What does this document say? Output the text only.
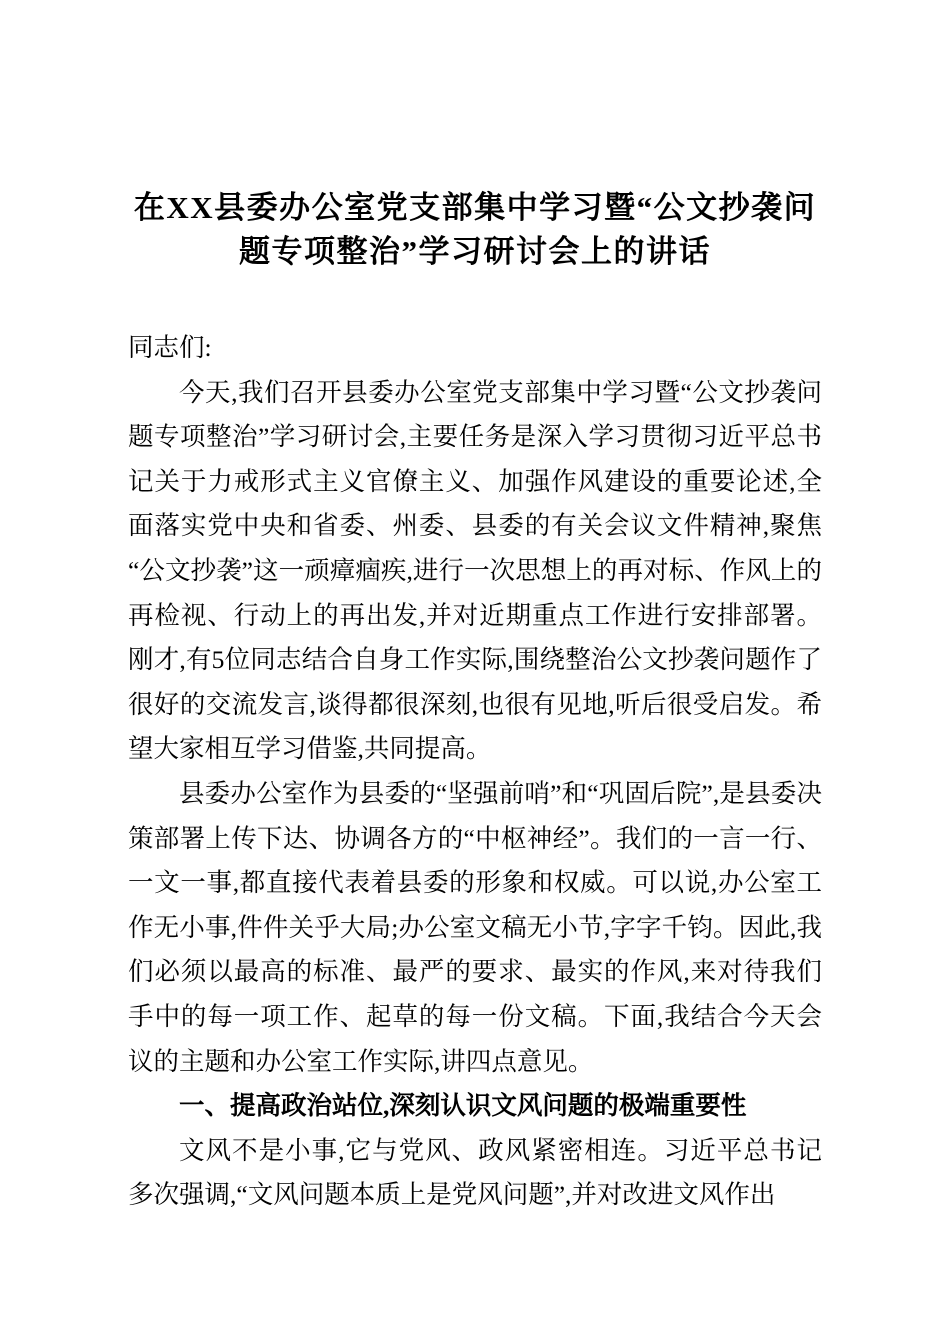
在XX县委办公室党支部集中学习暨“公文抄袭问
题专项整治”学习研讨会上的讲话

同志们:

今天,我们召开县委办公室党支部集中学习暨“公文抄袭问题专项整治”学习研讨会,主要任务是深入学习贯彻习近平总书记关于力戒形式主义官僚主义、加强作风建设的重要论述,全面落实党中央和省委、州委、县委的有关会议文件精神,聚焦“公文抄袭”这一顽瘴痼疾,进行一次思想上的再对标、作风上的再检视、行动上的再出发,并对近期重点工作进行安排部署。刚才,有5位同志结合自身工作实际,围绕整治公文抄袭问题作了很好的交流发言,谈得都很深刻,也很有见地,听后很受启发。希望大家相互学习借鉴,共同提高。

县委办公室作为县委的“坚强前哨”和“巩固后院”,是县委决策部署上传下达、协调各方的“中枢神经”。我们的一言一行、一文一事,都直接代表着县委的形象和权威。可以说,办公室工作无小事,件件关乎大局;办公室文稿无小节,字字千钧。因此,我们必须以最高的标准、最严的要求、最实的作风,来对待我们手中的每一项工作、起草的每一份文稿。下面,我结合今天会议的主题和办公室工作实际,讲四点意见。

一、提高政治站位,深刻认识文风问题的极端重要性

文风不是小事,它与党风、政风紧密相连。习近平总书记多次强调,“文风问题本质上是党风问题”,并对改进文风作出
